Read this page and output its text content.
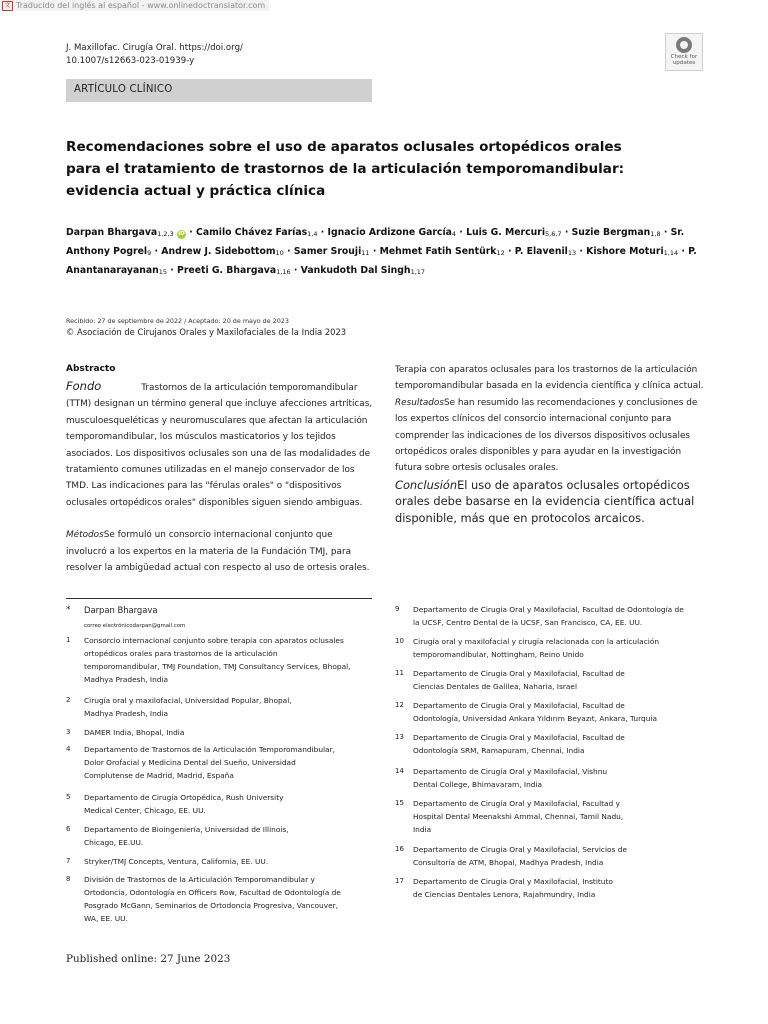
文 Traducido del inglés al español - www.onlinedoctranslator.com
J. Maxillofac. Cirugía Oral. https://doi.org/
10.1007/s12663-023-01939-y	Check for
updates
ARTÍCULO CLÍNICO
Recomendaciones sobre el uso de aparatos oclusales ortopédicos orales
para el tratamiento de trastornos de la articulación temporomandibular:
evidencia actual y práctica clínica
Darpan Bhargava$_{1,2,3}$ iD · Camilo Chávez Farías$_{1,4}$ · Ignacio Ardizone García$_4$ · Luis G. Mercuri$_{5,6,7}$ · Suzie Bergman$_{1,8}$ · Sr. Anthony Pogrel$_9$ · Andrew J. Sidebottom$_{10}$ · Samer Srouji$_{11}$ · Mehmet Fatih Sentürk$_{12}$ · P. Elavenil$_{13}$ · Kishore Moturi$_{1,14}$ · P. Anantanarayanan$_{15}$ · Preeti G. Bhargava$_{1,16}$ · Vankudoth Dal Singh$_{1,17}$
Recibido: 27 de septiembre de 2022 / Aceptado: 20 de mayo de 2023
© Asociación de Cirujanos Orales y Maxilofaciales de la India 2023
Abstracto

Fondo	Trastornos de la articulación temporomandibular (TTM) designan un término general que incluye afecciones artríticas, musculoesqueléticas y neuromusculares que afectan la articulación temporomandibular, los músculos masticatorios y los tejidos asociados. Los dispositivos oclusales son una de las modalidades de tratamiento comunes utilizadas en el manejo conservador de los TMD. Las indicaciones para las "férulas orales" o "dispositivos oclusales ortopédicos orales" disponibles siguen siendo ambiguas.

MétodosSe formuló un consorcio internacional conjunto que involucró a los expertos en la materia de la Fundación TMJ, para resolver la ambigüedad actual con respecto al uso de ortesis orales.

Terapia con aparatos oclusales para los trastornos de la articulación temporomandibular basada en la evidencia científica y clínica actual.

ResultadosSe han resumido las recomendaciones y conclusiones de los expertos clínicos del consorcio internacional conjunto para comprender las indicaciones de los diversos dispositivos oclusales ortopédicos orales disponibles y para ayudar en la investigación futura sobre ortesis oclusales orales.

ConclusiónEl uso de aparatos oclusales ortopédicos orales debe basarse en la evidencia científica actual disponible, más que en protocolos arcaicos.

* Darpan Bhargava
correo electrónicodarpan@gmail.com
1 Consorcio internacional conjunto sobre terapia con aparatos oclusales
ortopédicos orales para trastornos de la articulación
temporomandibular, TMJ Foundation, TMJ Consultancy Services, Bhopal,
Madhya Pradesh, India
2 Cirugía oral y maxilofacial, Universidad Popular, Bhopal,
Madhya Pradesh, India
3 DAMER India, Bhopal, India
4 Departamento de Trastornos de la Articulación Temporomandibular,
Dolor Orofacial y Medicina Dental del Sueño, Universidad
Complutense de Madrid, Madrid, España
5 Departamento de Cirugía Ortopédica, Rush University
Medical Center, Chicago, EE. UU.
6 Departamento de Bioingeniería, Universidad de Illinois,
Chicago, EE.UU.
7 Stryker/TMJ Concepts, Ventura, California, EE. UU.
8 División de Trastornos de la Articulación Temporomandibular y
Ortodoncia, Odontología en Officers Row, Facultad de Odontología de
Posgrado McGann, Seminarios de Ortodoncia Progresiva, Vancouver,
WA, EE. UU.
9 Departamento de Cirugía Oral y Maxilofacial, Facultad de Odontología de
la UCSF, Centro Dental de la UCSF, San Francisco, CA, EE. UU.
10 Cirugía oral y maxilofacial y cirugía relacionada con la articulación
temporomandibular, Nottingham, Reino Unido
11 Departamento de Cirugía Oral y Maxilofacial, Facultad de
Ciencias Dentales de Galilea, Naharia, Israel
12 Departamento de Cirugía Oral y Maxilofacial, Facultad de
Odontología, Universidad Ankara Yıldırım Beyazıt, Ankara, Turquía
13 Departamento de Cirugía Oral y Maxilofacial, Facultad de
Odontología SRM, Ramapuram, Chennai, India
14 Departamento de Cirugía Oral y Maxilofacial, Vishnu
Dental College, Bhimavaram, India
15 Departamento de Cirugía Oral y Maxilofacial, Facultad y
Hospital Dental Meenakshi Ammal, Chennai, Tamil Nadu,
India
16 Departamento de Cirugía Oral y Maxilofacial, Servicios de
Consultoría de ATM, Bhopal, Madhya Pradesh, India
17 Departamento de Cirugía Oral y Maxilofacial, Instituto
de Ciencias Dentales Lenora, Rajahmundry, India
Published online: 27 June 2023
